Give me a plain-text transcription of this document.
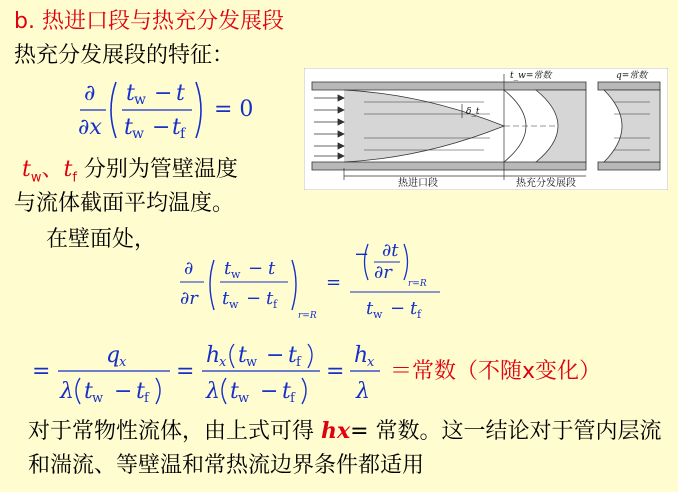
b. 热进口段与热充分发展段
热充分发展段的特征：
∂
∂x
t w − t
t w − t f
= 0
$t_w$、$t_f$ 分别为管壁温度
与流体截面平均温度。
在壁面处，
热进口段	热充分发展段
t_w=常数	q=常数
δ_t
∂
∂r
t w − t
t w − t f
r=R
=
− ∂t
∂r
r=R
t w − t f
=
q
x
λ t w − t f
=
h
x t w − t f
λ t w − t f
=
h
x
λ
＝常数（不随x变化）
对于常物性流体，由上式可得 hx= 常数。这一结论对于管内层流和湍流、等壁温和常热流边界条件都适用
